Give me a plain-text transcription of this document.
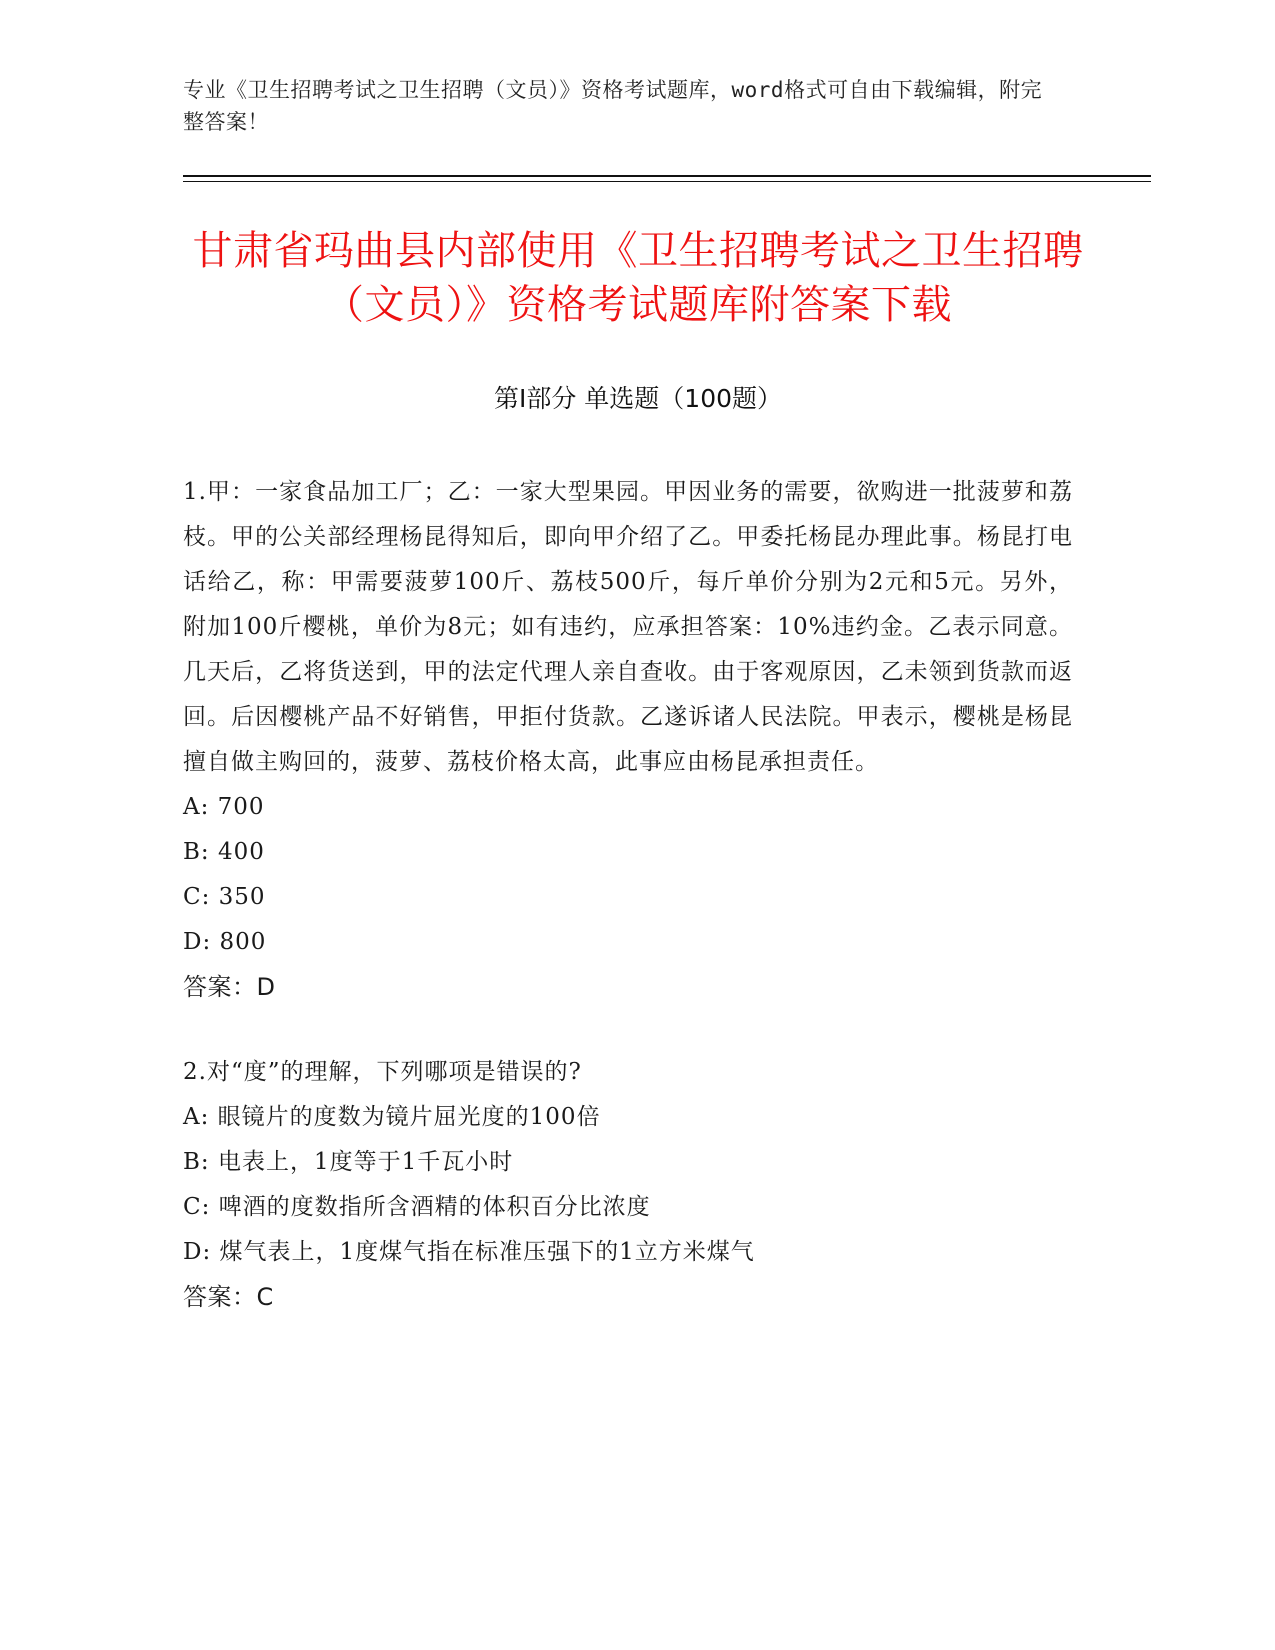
专业《卫生招聘考试之卫生招聘（文员）》资格考试题库，word格式可自由下载编辑，附完整答案！
甘肃省玛曲县内部使用《卫生招聘考试之卫生招聘（文员）》资格考试题库附答案下载
第Ⅰ部分 单选题（100题）

1.甲：一家食品加工厂；乙：一家大型果园。甲因业务的需要，欲购进一批菠萝和荔枝。甲的公关部经理杨昆得知后，即向甲介绍了乙。甲委托杨昆办理此事。杨昆打电话给乙，称：甲需要菠萝100斤、荔枝500斤，每斤单价分别为2元和5元。另外，附加100斤樱桃，单价为8元；如有违约，应承担答案：10%违约金。乙表示同意。几天后，乙将货送到，甲的法定代理人亲自查收。由于客观原因，乙未领到货款而返回。后因樱桃产品不好销售，甲拒付货款。乙遂诉诸人民法院。甲表示，樱桃是杨昆擅自做主购回的，菠萝、荔枝价格太高，此事应由杨昆承担责任。

A: 700

B: 400

C: 350

D: 800

答案：D

2.对“度”的理解，下列哪项是错误的?

A: 眼镜片的度数为镜片屈光度的100倍

B: 电表上，1度等于1千瓦小时

C: 啤酒的度数指所含酒精的体积百分比浓度

D: 煤气表上，1度煤气指在标准压强下的1立方米煤气

答案：C
